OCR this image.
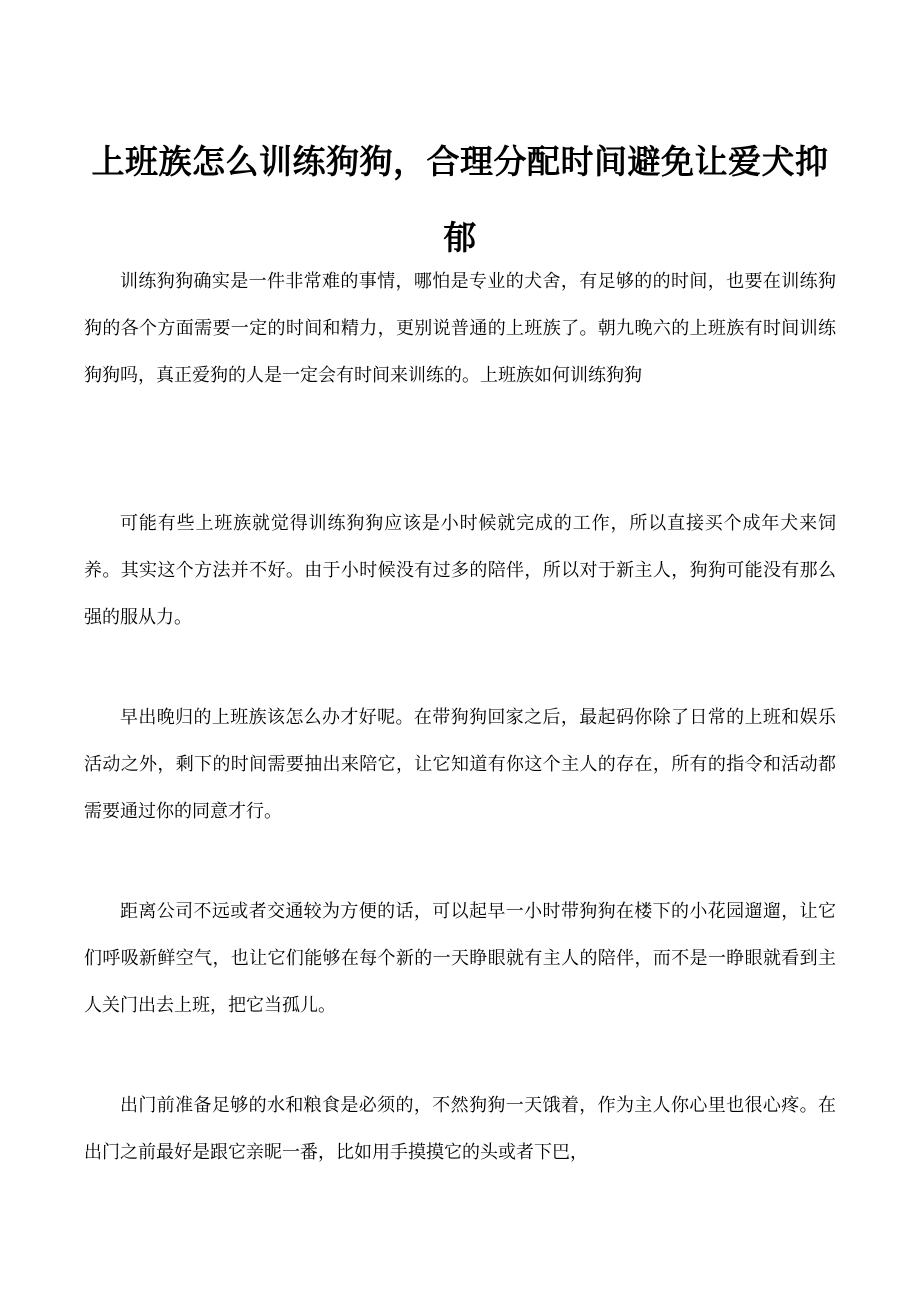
上班族怎么训练狗狗，合理分配时间避免让爱犬抑郁

训练狗狗确实是一件非常难的事情，哪怕是专业的犬舍，有足够的的时间，也要在训练狗狗的各个方面需要一定的时间和精力，更别说普通的上班族了。朝九晚六的上班族有时间训练狗狗吗，真正爱狗的人是一定会有时间来训练的。上班族如何训练狗狗

可能有些上班族就觉得训练狗狗应该是小时候就完成的工作，所以直接买个成年犬来饲养。其实这个方法并不好。由于小时候没有过多的陪伴，所以对于新主人，狗狗可能没有那么强的服从力。

早出晚归的上班族该怎么办才好呢。在带狗狗回家之后，最起码你除了日常的上班和娱乐活动之外，剩下的时间需要抽出来陪它，让它知道有你这个主人的存在，所有的指令和活动都需要通过你的同意才行。

距离公司不远或者交通较为方便的话，可以起早一小时带狗狗在楼下的小花园遛遛，让它们呼吸新鲜空气，也让它们能够在每个新的一天睁眼就有主人的陪伴，而不是一睁眼就看到主人关门出去上班，把它当孤儿。

出门前准备足够的水和粮食是必须的，不然狗狗一天饿着，作为主人你心里也很心疼。在出门之前最好是跟它亲昵一番，比如用手摸摸它的头或者下巴，
